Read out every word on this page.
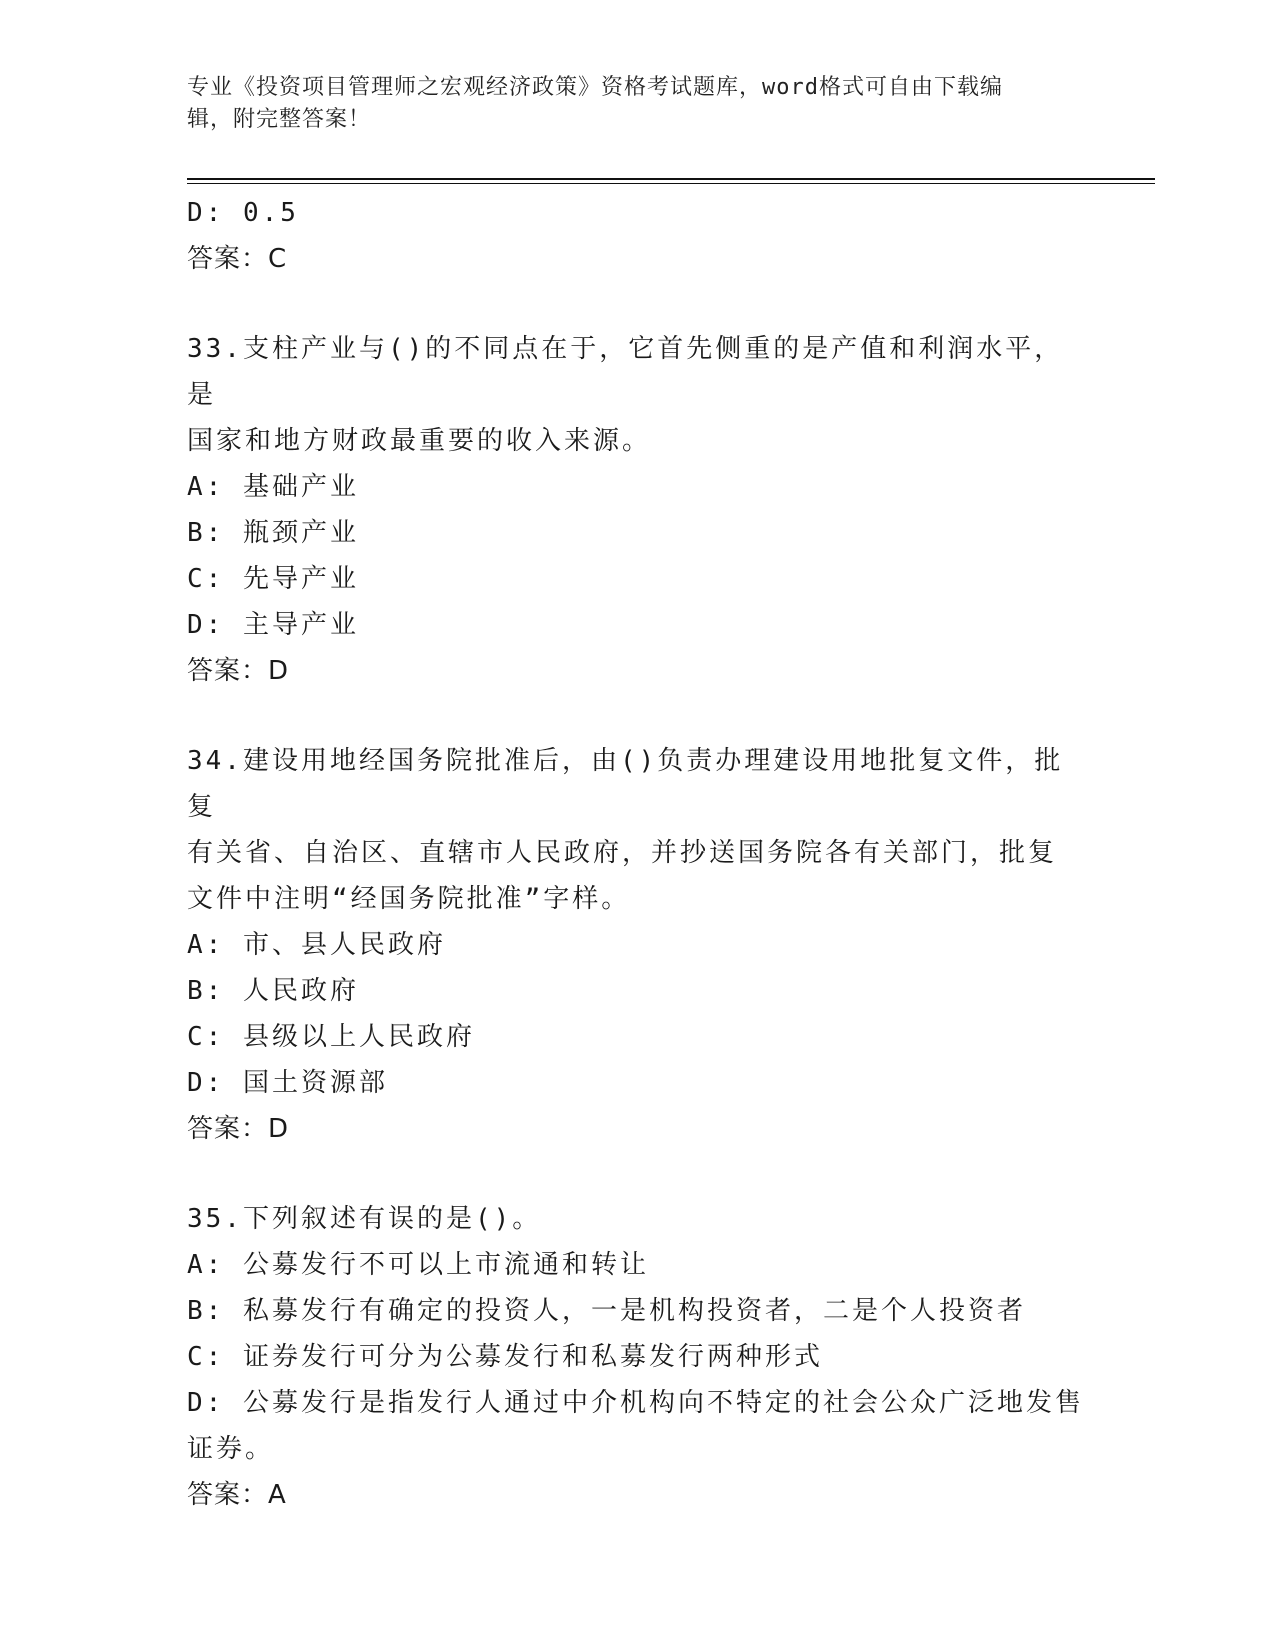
专业《投资项目管理师之宏观经济政策》资格考试题库，word格式可自由下载编
辑，附完整答案！
D: 0.5
答案：C
33.支柱产业与()的不同点在于，它首先侧重的是产值和利润水平，是
国家和地方财政最重要的收入来源。
A: 基础产业
B: 瓶颈产业
C: 先导产业
D: 主导产业
答案：D
34.建设用地经国务院批准后，由()负责办理建设用地批复文件，批复
有关省、自治区、直辖市人民政府，并抄送国务院各有关部门，批复
文件中注明“经国务院批准”字样。
A: 市、县人民政府
B: 人民政府
C: 县级以上人民政府
D: 国土资源部
答案：D
35.下列叙述有误的是()。
A: 公募发行不可以上市流通和转让
B: 私募发行有确定的投资人，一是机构投资者，二是个人投资者
C: 证券发行可分为公募发行和私募发行两种形式
D: 公募发行是指发行人通过中介机构向不特定的社会公众广泛地发售
证券。
答案：A
